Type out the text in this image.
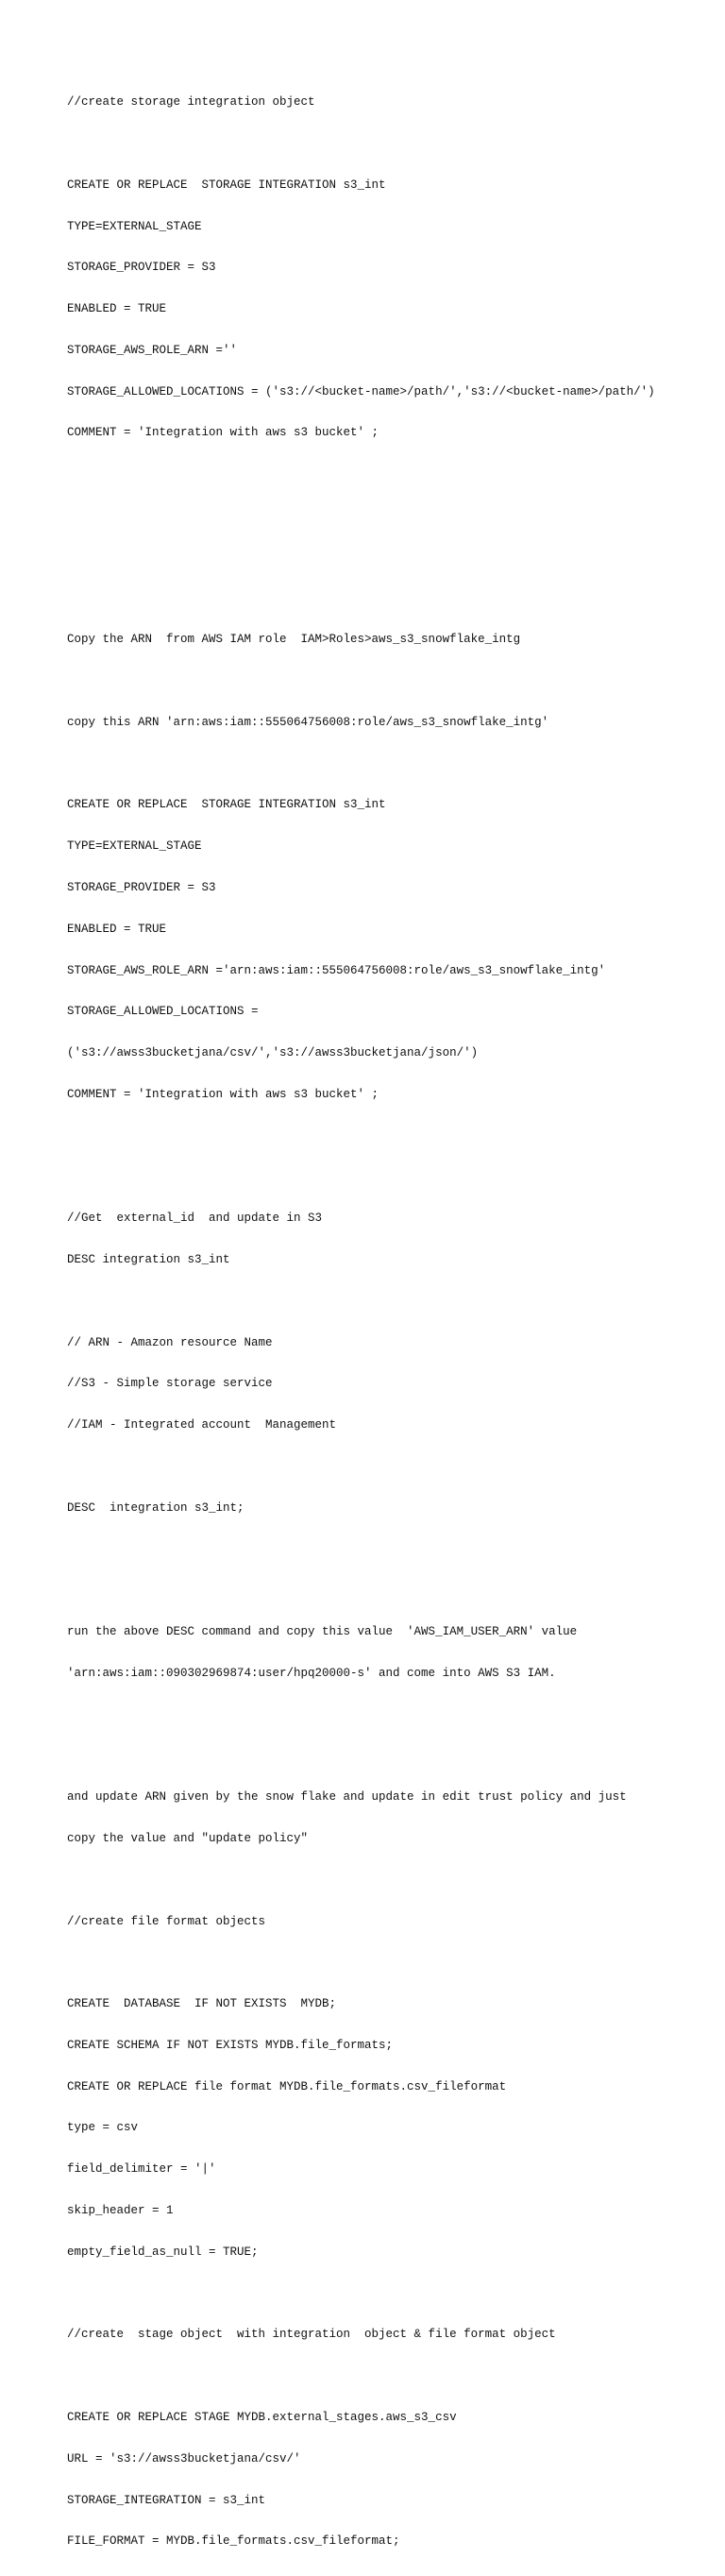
//create storage integration object

CREATE OR REPLACE  STORAGE INTEGRATION s3_int

TYPE=EXTERNAL_STAGE

STORAGE_PROVIDER = S3

ENABLED = TRUE

STORAGE_AWS_ROLE_ARN =''

STORAGE_ALLOWED_LOCATIONS = ('s3://<bucket-name>/path/','s3://<bucket-name>/path/')

COMMENT = 'Integration with aws s3 bucket' ;

Copy the ARN  from AWS IAM role  IAM>Roles>aws_s3_snowflake_intg

copy this ARN 'arn:aws:iam::555064756008:role/aws_s3_snowflake_intg'

CREATE OR REPLACE  STORAGE INTEGRATION s3_int

TYPE=EXTERNAL_STAGE

STORAGE_PROVIDER = S3

ENABLED = TRUE

STORAGE_AWS_ROLE_ARN ='arn:aws:iam::555064756008:role/aws_s3_snowflake_intg'

STORAGE_ALLOWED_LOCATIONS =

('s3://awss3bucketjana/csv/','s3://awss3bucketjana/json/')

COMMENT = 'Integration with aws s3 bucket' ;

//Get  external_id  and update in S3

DESC integration s3_int

// ARN - Amazon resource Name

//S3 - Simple storage service

//IAM - Integrated account  Management

DESC  integration s3_int;

run the above DESC command and copy this value  'AWS_IAM_USER_ARN' value

'arn:aws:iam::090302969874:user/hpq20000-s' and come into AWS S3 IAM.

and update ARN given by the snow flake and update in edit trust policy and just

copy the value and "update policy"

//create file format objects

CREATE  DATABASE  IF NOT EXISTS  MYDB;

CREATE SCHEMA IF NOT EXISTS MYDB.file_formats;

CREATE OR REPLACE file format MYDB.file_formats.csv_fileformat

type = csv

field_delimiter = '|'

skip_header = 1

empty_field_as_null = TRUE;

//create  stage object  with integration  object & file format object

CREATE OR REPLACE STAGE MYDB.external_stages.aws_s3_csv

URL = 's3://awss3bucketjana/csv/'

STORAGE_INTEGRATION = s3_int

FILE_FORMAT = MYDB.file_formats.csv_fileformat;
